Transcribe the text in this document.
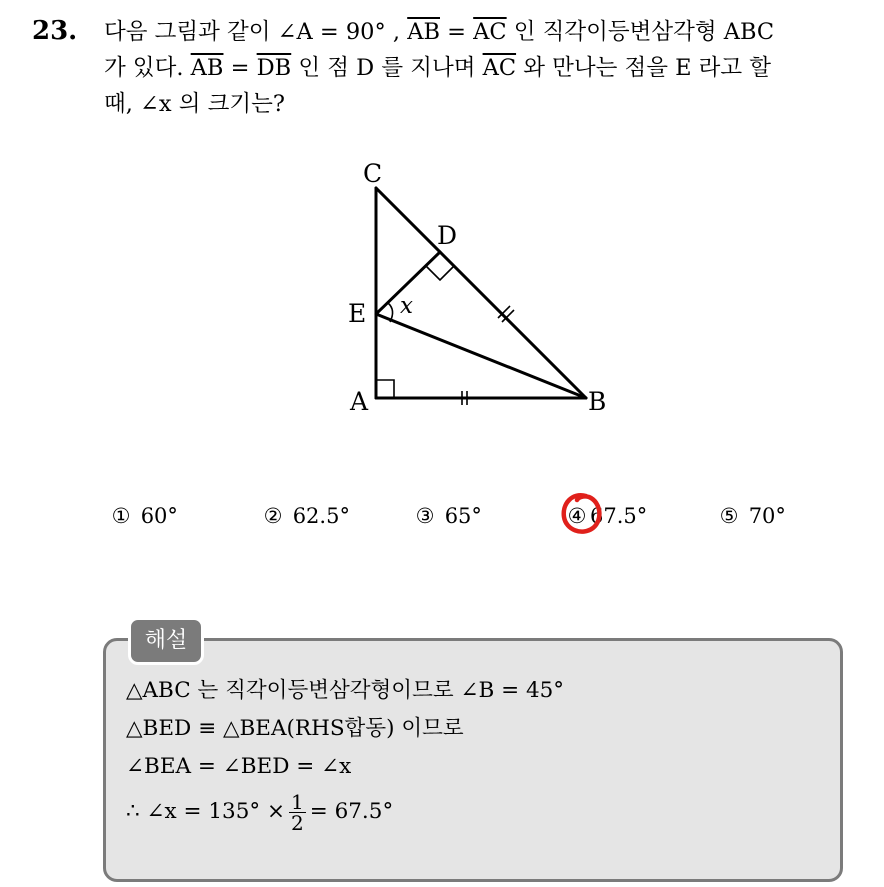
23. 다음 그림과 같이 ∠A = 90° , $\overline{AB} = \overline{AC}$ 인 직각이등변삼각형 ABC
가 있다. $\overline{AB} = \overline{DB}$ 인 점 D 를 지나며 $\overline{AC}$ 와 만나는 점을 E 라고 할
때, ∠x 의 크기는?
C
D
E x
A	B
① 60°	② 62.5°	③ 65°	④ 67.5°	⑤ 70°
해설
△ABC 는 직각이등변삼각형이므로 ∠B = 45°
△BED ≡ △BEA(RHS합동) 이므로
∠BEA = ∠BED = ∠x
∴ ∠x = $135^\circ \times \frac{1}{2} = 67.5^\circ$
